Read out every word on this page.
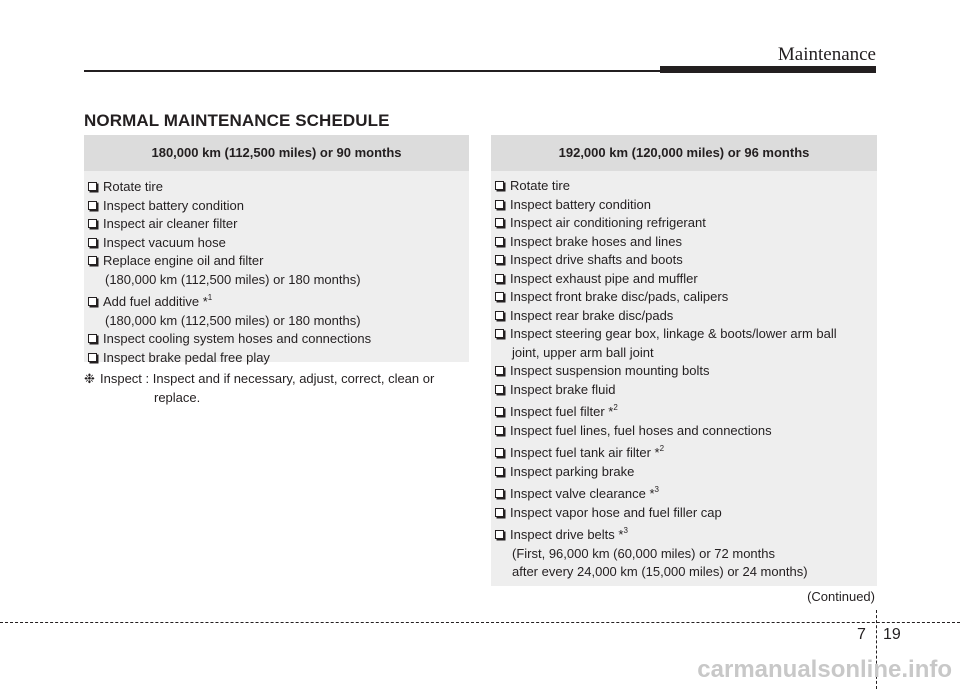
Maintenance
NORMAL MAINTENANCE SCHEDULE
180,000 km (112,500 miles) or 90 months
Rotate tire
Inspect battery condition
Inspect air cleaner filter
Inspect vacuum hose
Replace engine oil and filter
(180,000 km (112,500 miles) or 180 months)
Add fuel additive *$^1$
(180,000 km (112,500 miles) or 180 months)
Inspect cooling system hoses and connections
Inspect brake pedal free play
❉ Inspect : Inspect and if necessary, adjust, correct, clean or
replace.
192,000 km (120,000 miles) or 96 months
Rotate tire
Inspect battery condition
Inspect air conditioning refrigerant
Inspect brake hoses and lines
Inspect drive shafts and boots
Inspect exhaust pipe and muffler
Inspect front brake disc/pads, calipers
Inspect rear brake disc/pads
Inspect steering gear box, linkage & boots/lower arm ball
joint, upper arm ball joint
Inspect suspension mounting bolts
Inspect brake fluid
Inspect fuel filter *$^2$
Inspect fuel lines, fuel hoses and connections
Inspect fuel tank air filter *$^2$
Inspect parking brake
Inspect valve clearance *$^3$
Inspect vapor hose and fuel filler cap
Inspect drive belts *$^3$
(First, 96,000 km (60,000 miles) or 72 months
after every 24,000 km (15,000 miles) or 24 months)
(Continued)
7 19
carmanualsonline.info
